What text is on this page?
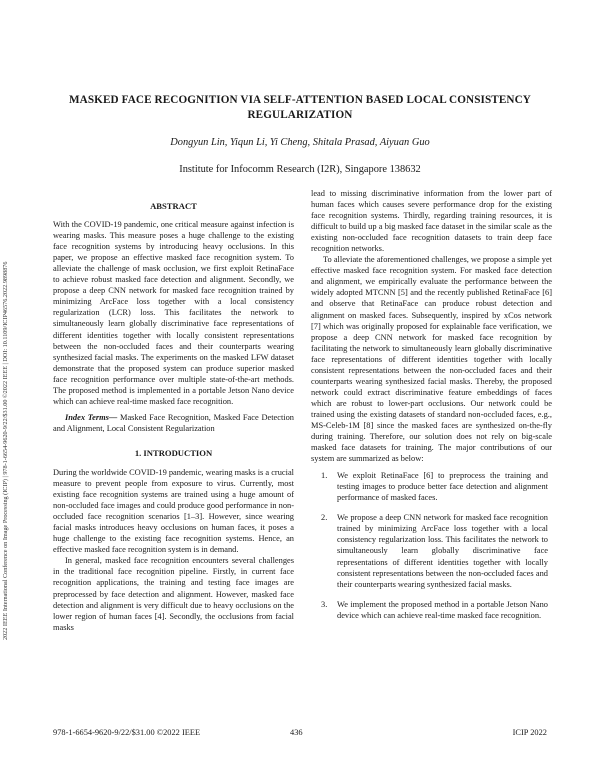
2022 IEEE International Conference on Image Processing (ICIP) | 978-1-6654-9620-9/22/$31.00 ©2022 IEEE | DOI: 10.1109/ICIP46576.2022.9898876
MASKED FACE RECOGNITION VIA SELF-ATTENTION BASED LOCAL CONSISTENCY
REGULARIZATION
Dongyun Lin, Yiqun Li, Yi Cheng, Shitala Prasad, Aiyuan Guo
Institute for Infocomm Research (I2R), Singapore 138632
ABSTRACT

With the COVID-19 pandemic, one critical measure against infection is wearing masks. This measure poses a huge challenge to the existing face recognition systems by introducing heavy occlusions. In this paper, we propose an effective masked face recognition system. To alleviate the challenge of mask occlusion, we first exploit RetinaFace to achieve robust masked face detection and alignment. Secondly, we propose a deep CNN network for masked face recognition trained by minimizing ArcFace loss together with a local consistency regularization (LCR) loss. This facilitates the network to simultaneously learn globally discriminative face representations of different identities together with locally consistent representations between the non-occluded faces and their counterparts wearing synthesized facial masks. The experiments on the masked LFW dataset demonstrate that the proposed system can produce superior masked face recognition performance over multiple state-of-the-art methods. The proposed method is implemented in a portable Jetson Nano device which can achieve real-time masked face recognition.

Index Terms— Masked Face Recognition, Masked Face Detection and Alignment, Local Consistent Regularization

1. INTRODUCTION

During the worldwide COVID-19 pandemic, wearing masks is a crucial measure to prevent people from exposure to virus. Currently, most existing face recognition systems are trained using a huge amount of non-occluded face images and could produce good performance in non-occluded face recognition scenarios [1–3]. However, since wearing facial masks introduces heavy occlusions on human faces, it poses a huge challenge to the existing face recognition systems. Hence, an effective masked face recognition system is in demand.

In general, masked face recognition encounters several challenges in the traditional face recognition pipeline. Firstly, in current face recognition applications, the training and testing face images are preprocessed by face detection and alignment. However, masked face detection and alignment is very difficult due to heavy occlusions on the lower region of human faces [4]. Secondly, the occlusions from facial masks

lead to missing discriminative information from the lower part of human faces which causes severe performance drop for the existing face recognition systems. Thirdly, regarding training resources, it is difficult to build up a big masked face dataset in the similar scale as the existing non-occluded face recognition datasets to train deep face recognition networks.

To alleviate the aforementioned challenges, we propose a simple yet effective masked face recognition system. For masked face detection and alignment, we empirically evaluate the performance between the widely adopted MTCNN [5] and the recently published RetinaFace [6] and observe that RetinaFace can produce robust detection and alignment on masked faces. Subsequently, inspired by xCos network [7] which was originally proposed for explainable face verification, we propose a deep CNN network for masked face recognition by facilitating the network to simultaneously learn globally discriminative face representations of different identities together with locally consistent representations between the non-occluded faces and their counterparts wearing synthesized facial masks. Thereby, the proposed network could extract discriminative feature embeddings of faces which are robust to lower-part occlusions. Our network could be trained using the existing datasets of standard non-occluded faces, e.g., MS-Celeb-1M [8] since the masked faces are synthesized on-the-fly during training. Therefore, our solution does not rely on big-scale masked face datasets for training. The major contributions of our system are summarized as below:

1. We exploit RetinaFace [6] to preprocess the training and testing images to produce better face detection and alignment performance of masked faces.
2. We propose a deep CNN network for masked face recognition trained by minimizing ArcFace loss together with a local consistency regularization loss. This facilitates the network to simultaneously learn globally discriminative face representations of different identities together with locally consistent representations between the non-occluded faces and their counterparts wearing synthesized facial masks.
3. We implement the proposed method in a portable Jetson Nano device which can achieve real-time masked face recognition.
978-1-6654-9620-9/22/$31.00 ©2022 IEEE	436	ICIP 2022
